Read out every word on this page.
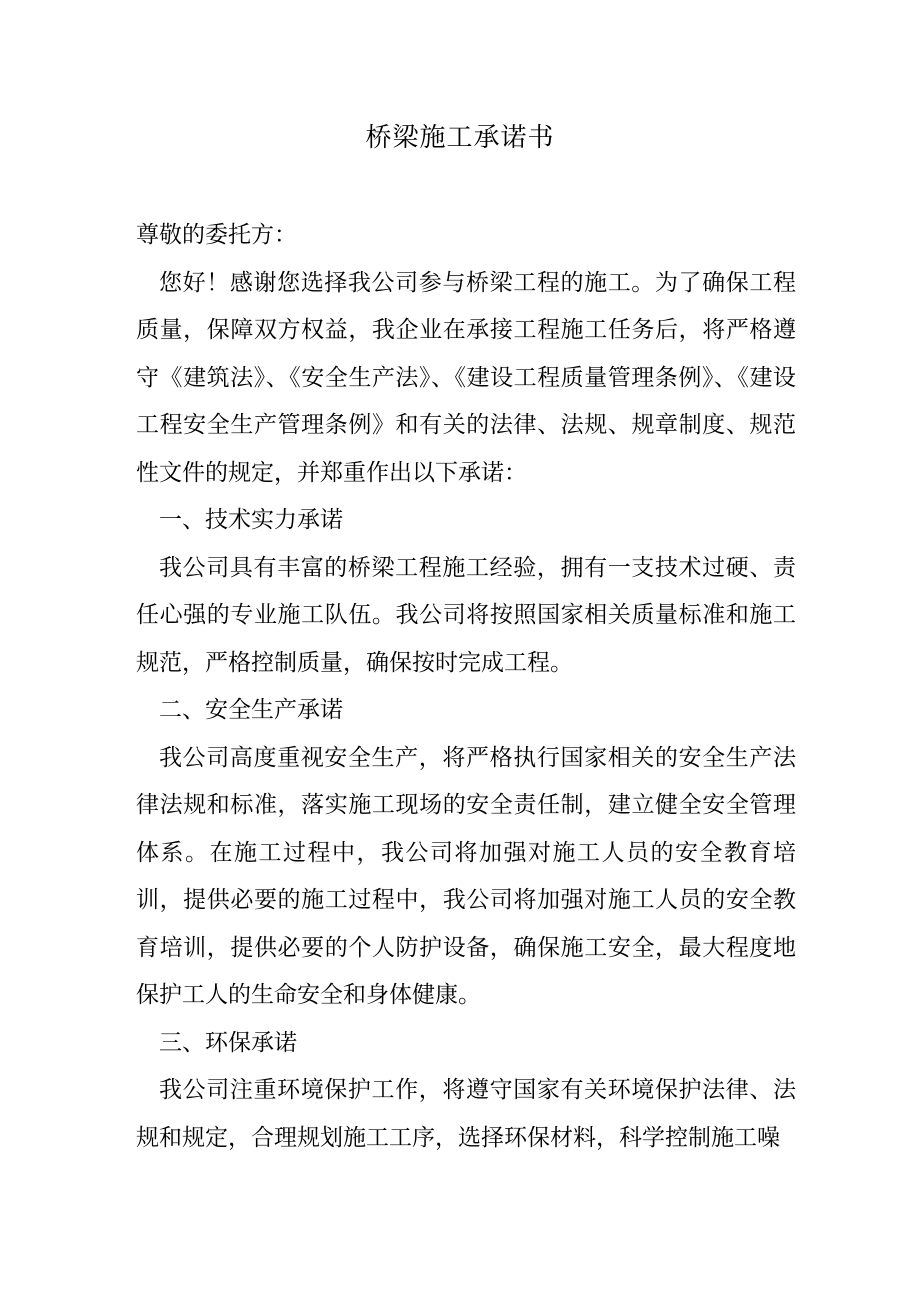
桥梁施工承诺书

尊敬的委托方：

您好！感谢您选择我公司参与桥梁工程的施工。为了确保工程质量，保障双方权益，我企业在承接工程施工任务后，将严格遵守《建筑法》、《安全生产法》、《建设工程质量管理条例》、《建设工程安全生产管理条例》和有关的法律、法规、规章制度、规范性文件的规定，并郑重作出以下承诺：

一、技术实力承诺

我公司具有丰富的桥梁工程施工经验，拥有一支技术过硬、责任心强的专业施工队伍。我公司将按照国家相关质量标准和施工规范，严格控制质量，确保按时完成工程。

二、安全生产承诺

我公司高度重视安全生产，将严格执行国家相关的安全生产法律法规和标准，落实施工现场的安全责任制，建立健全安全管理体系。在施工过程中，我公司将加强对施工人员的安全教育培训，提供必要的施工过程中，我公司将加强对施工人员的安全教育培训，提供必要的个人防护设备，确保施工安全，最大程度地保护工人的生命安全和身体健康。

三、环保承诺

我公司注重环境保护工作，将遵守国家有关环境保护法律、法规和规定，合理规划施工工序，选择环保材料，科学控制施工噪
